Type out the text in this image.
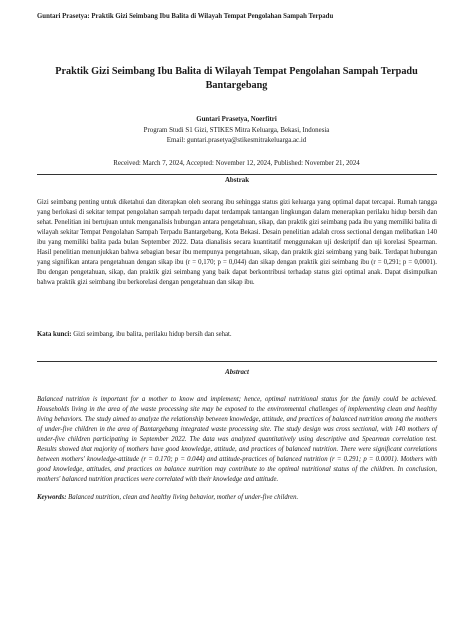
Guntari Prasetya: Praktik Gizi Seimbang Ibu Balita di Wilayah Tempat Pengolahan Sampah Terpadu
Praktik Gizi Seimbang Ibu Balita di Wilayah Tempat Pengolahan Sampah Terpadu Bantargebang
Guntari Prasetya, Noerfitri
Program Studi S1 Gizi, STIKES Mitra Keluarga, Bekasi, Indonesia
Email: guntari.prasetya@stikesmitrakeluarga.ac.id
Received: March 7, 2024, Accepted: November 12, 2024, Published: November 21, 2024
Abstrak
Gizi seimbang penting untuk diketahui dan diterapkan oleh seorang ibu sehingga status gizi keluarga yang optimal dapat tercapai. Rumah tangga yang berlokasi di sekitar tempat pengolahan sampah terpadu dapat terdampak tantangan lingkungan dalam menerapkan perilaku hidup bersih dan sehat. Penelitian ini bertujuan untuk menganalisis hubungan antara pengetahuan, sikap, dan praktik gizi seimbang pada ibu yang memiliki balita di wilayah sekitar Tempat Pengolahan Sampah Terpadu Bantargebang, Kota Bekasi. Desain penelitian adalah cross sectional dengan melibatkan 140 ibu yang memiliki balita pada bulan September 2022. Data dianalisis secara kuantitatif menggunakan uji deskriptif dan uji korelasi Spearman. Hasil penelitian menunjukkan bahwa sebagian besar ibu mempunya pengetahuan, sikap, dan praktik gizi seimbang yang baik. Terdapat hubungan yang signifikan antara pengetahuan dengan sikap ibu (r = 0,170; p = 0,044) dan sikap dengan praktik gizi seimbang ibu (r = 0,291; p = 0,0001). Ibu dengan pengetahuan, sikap, dan praktik gizi seimbang yang baik dapat berkontribusi terhadap status gizi optimal anak. Dapat disimpulkan bahwa praktik gizi seimbang ibu berkorelasi dengan pengetahuan dan sikap ibu.
Kata kunci: Gizi seimbang, ibu balita, perilaku hidup bersih dan sehat.
Abstract
Balanced nutrition is important for a mother to know and implement; hence, optimal nutritional status for the family could be achieved. Households living in the area of the waste processing site may be exposed to the environmental challenges of implementing clean and healthy living behaviors. The study aimed to analyze the relationship between knowledge, attitude, and practices of balanced nutrition among the mothers of under-five children in the area of Bantargebang integrated waste processing site. The study design was cross sectional, with 140 mothers of under-five children participating in September 2022. The data was analyzed quantitatively using descriptive and Spearman correlation test. Results showed that majority of mothers have good knowledge, attitude, and practices of balanced nutrition. There were significant correlations between mothers' knowledge-attitude (r = 0.170; p = 0.044) and attitude-practices of balanced nutrition (r = 0.291; p = 0.0001). Mothers with good knowledge, attitudes, and practices on balance nutrition may contribute to the optimal nutritional status of the children. In conclusion, mothers' balanced nutrition practices were correlated with their knowledge and attitude.
Keywords: Balanced nutrition, clean and healthy living behavior, mother of under-five children.
